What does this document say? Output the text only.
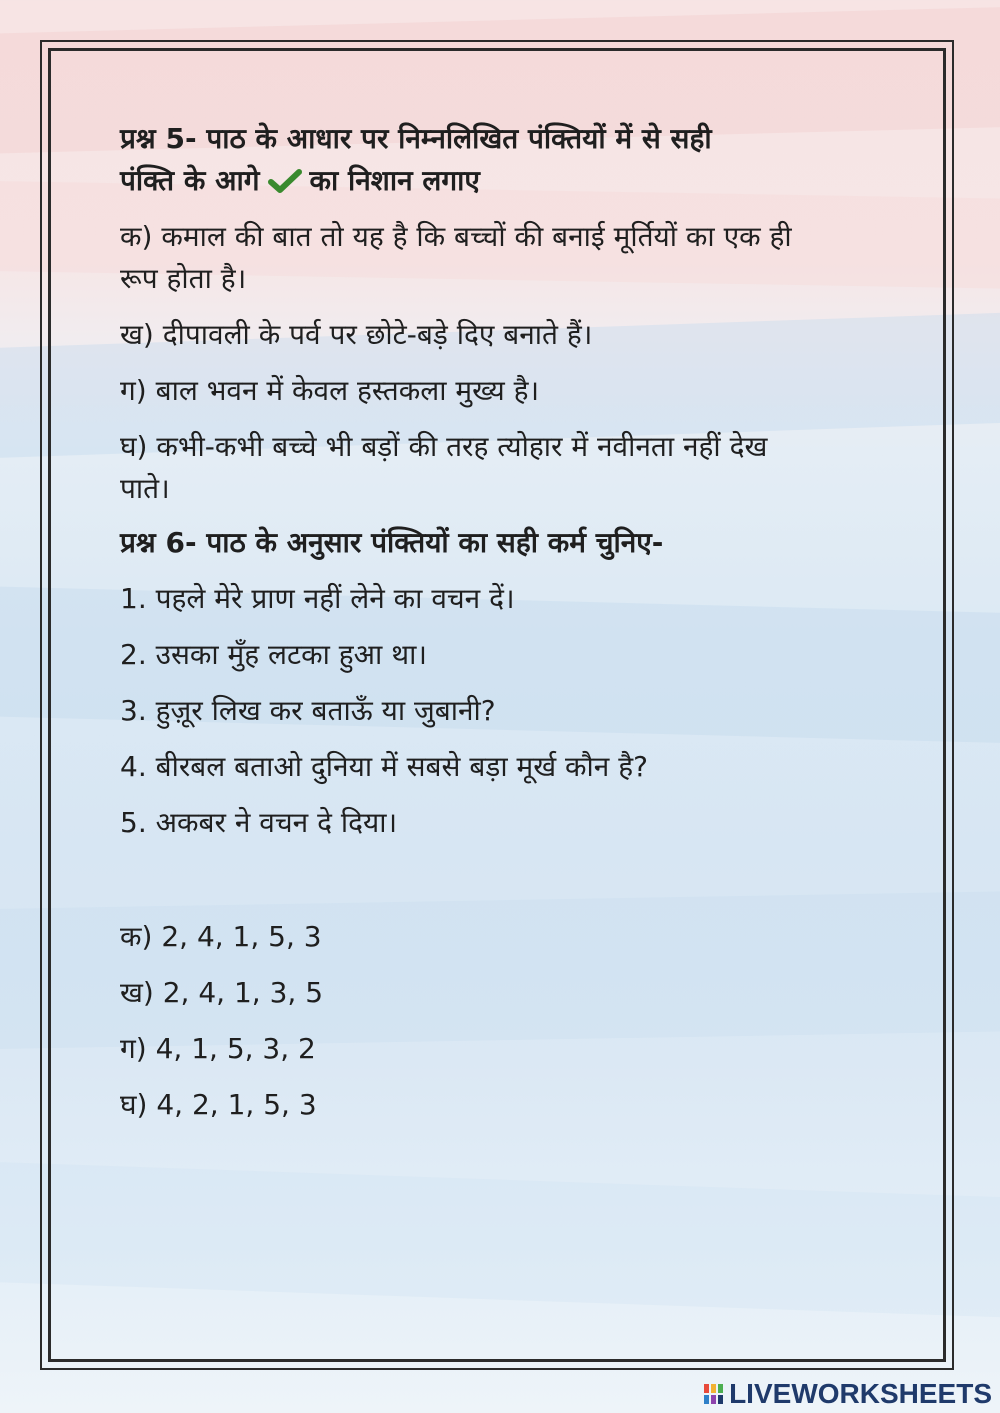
प्रश्न 5- पाठ के आधार पर निम्नलिखित पंक्तियों में से सही

पंक्ति के आगे का निशान लगाए

क) कमाल की बात तो यह है कि बच्चों की बनाई मूर्तियों का एक ही

रूप होता है।

ख) दीपावली के पर्व पर छोटे-बड़े दिए बनाते हैं।

ग) बाल भवन में केवल हस्तकला मुख्य है।

घ) कभी-कभी बच्चे भी बड़ों की तरह त्योहार में नवीनता नहीं देख

पाते।

प्रश्न 6- पाठ के अनुसार पंक्तियों का सही कर्म चुनिए-

1. पहले मेरे प्राण नहीं लेने का वचन दें।

2. उसका मुँह लटका हुआ था।

3. हुज़ूर लिख कर बताऊँ या जुबानी?

4. बीरबल बताओ दुनिया में सबसे बड़ा मूर्ख कौन है?

5. अकबर ने वचन दे दिया।

क) 2, 4, 1, 5, 3

ख) 2, 4, 1, 3, 5

ग) 4, 1, 5, 3, 2

घ) 4, 2, 1, 5, 3

LIVEWORKSHEETS
